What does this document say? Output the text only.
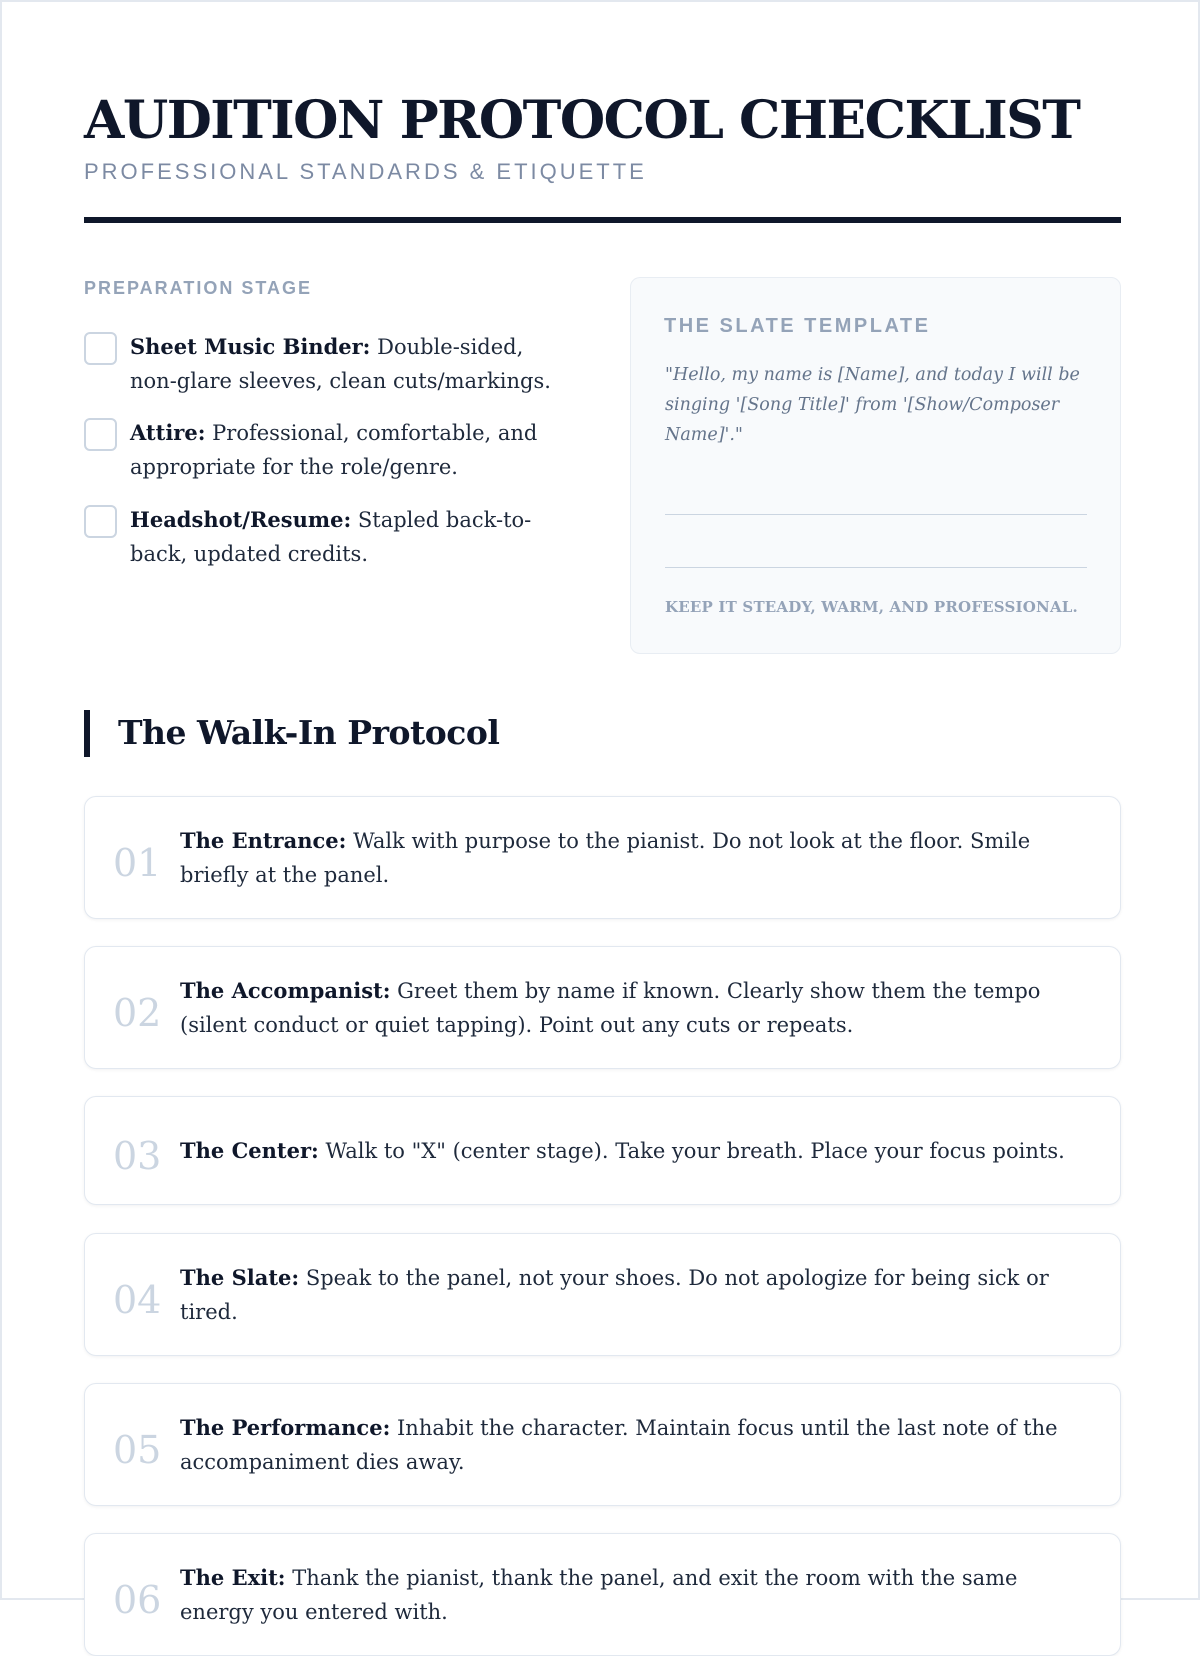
AUDITION PROTOCOL CHECKLIST
PROFESSIONAL STANDARDS & ETIQUETTE
PREPARATION STAGE
Sheet Music Binder: Double-sided, non-glare sleeves, clean cuts/markings.
Attire: Professional, comfortable, and appropriate for the role/genre.
Headshot/Resume: Stapled back-to-back, updated credits.
THE SLATE TEMPLATE
"Hello, my name is [Name], and today I will be singing '[Song Title]' from '[Show/Composer Name]'."
KEEP IT STEADY, WARM, AND PROFESSIONAL.
The Walk-In Protocol
01
The Entrance: Walk with purpose to the pianist. Do not look at the floor. Smile briefly at the panel.
02
The Accompanist: Greet them by name if known. Clearly show them the tempo (silent conduct or quiet tapping). Point out any cuts or repeats.
03 The Center: Walk to "X" (center stage). Take your breath. Place your focus points.
04
The Slate: Speak to the panel, not your shoes. Do not apologize for being sick or tired.
05
The Performance: Inhabit the character. Maintain focus until the last note of the accompaniment dies away.
06
The Exit: Thank the pianist, thank the panel, and exit the room with the same energy you entered with.
